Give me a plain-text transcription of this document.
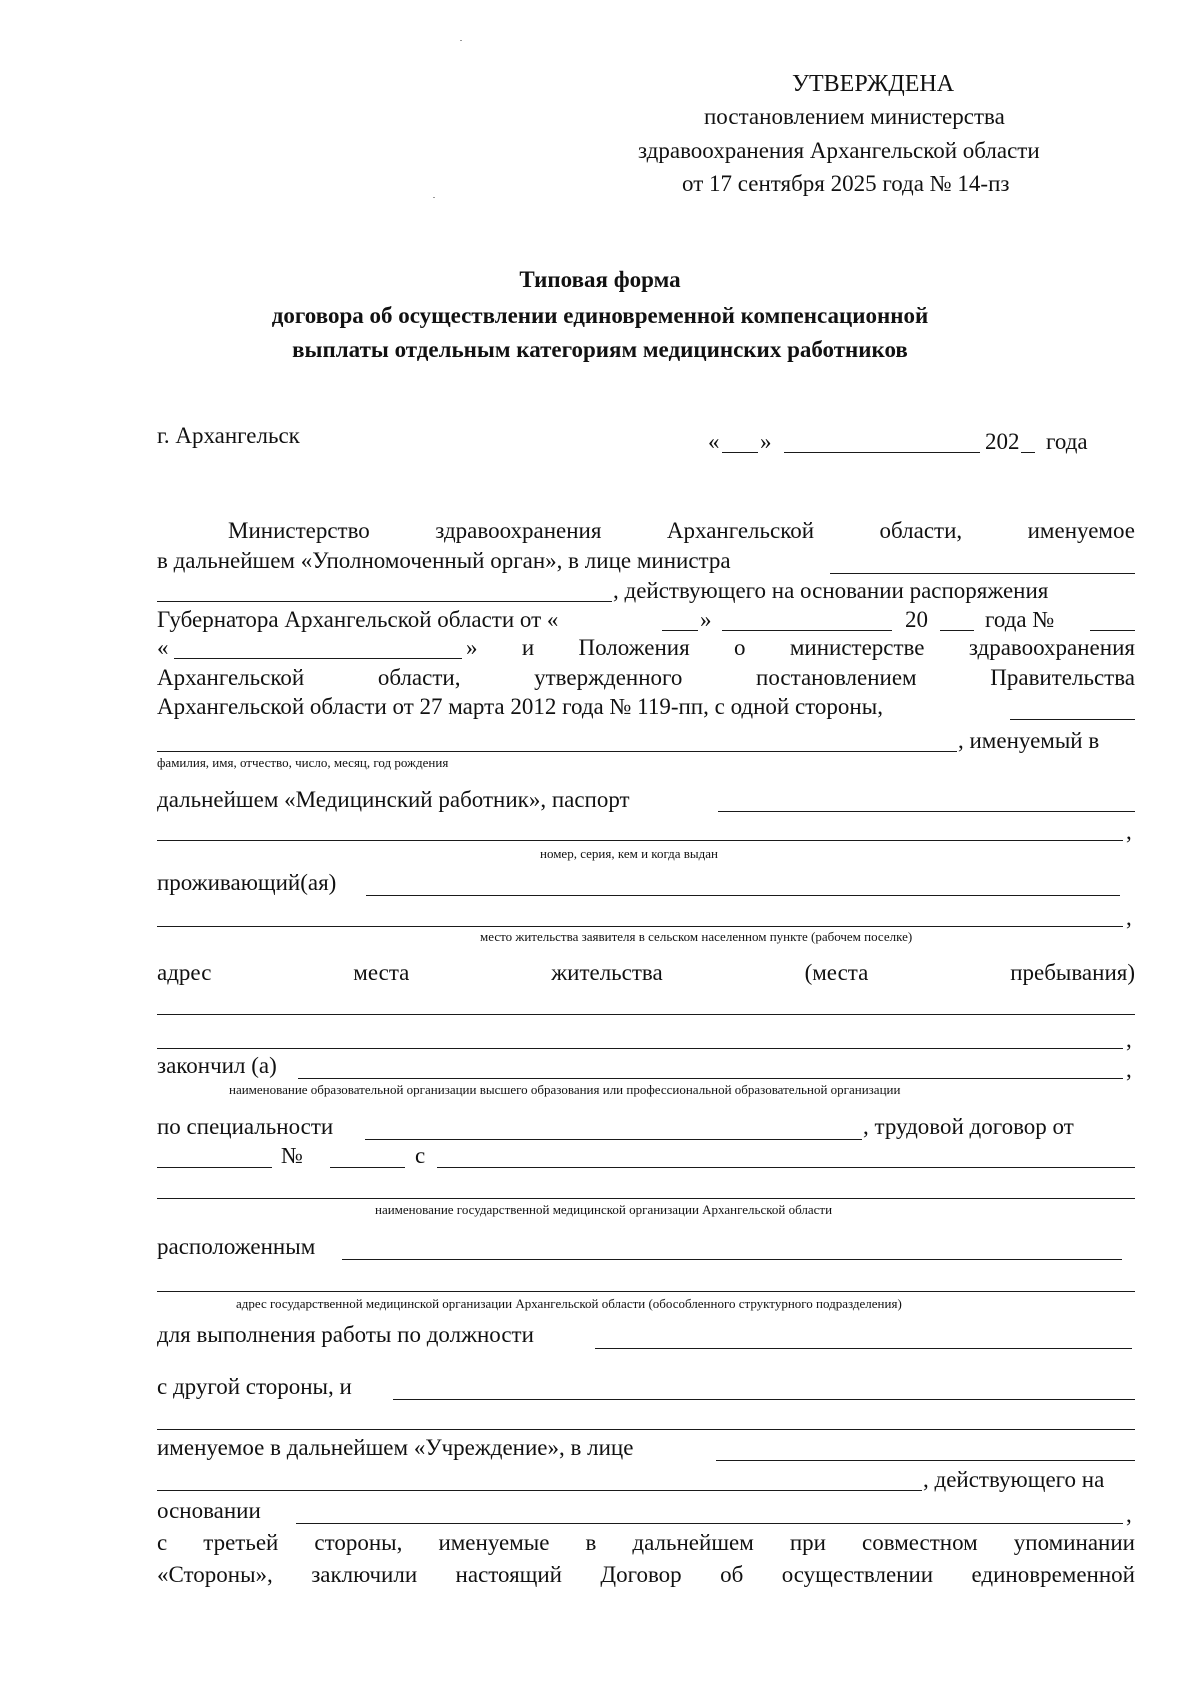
УТВЕРЖДЕНА
постановлением министерства
здравоохранения Архангельской области
от 17 сентября 2025 года № 14-пз
Типовая форма
договора об осуществлении единовременной компенсационной
выплаты отдельным категориям медицинских работников
г. Архангельск	« »	202 года
Министерство	здравоохранения	Архангельской	области,	именуемое
в дальнейшем «Уполномоченный орган», в лице министра
, действующего на основании распоряжения
Губернатора Архангельской области от «	»	20 года №
«	» и Положения о министерстве здравоохранения
Архангельской	области,	утвержденного	постановлением	Правительства
Архангельской области от 27 марта 2012 года № 119-пп, с одной стороны,
, именуемый в
фамилия, имя, отчество, число, месяц, год рождения
дальнейшем «Медицинский работник», паспорт
,
номер, серия, кем и когда выдан
проживающий(ая)
,
место жительства заявителя в сельском населенном пункте (рабочем поселке)
адрес	места	жительства	(места	пребывания)
,
закончил (а)	,
наименование образовательной организации высшего образования или профессиональной образовательной организации
по специальности	, трудовой договор от
№	с
наименование государственной медицинской организации Архангельской области
расположенным
адрес государственной медицинской организации Архангельской области (обособленного структурного подразделения)
для выполнения работы по должности
с другой стороны, и
именуемое в дальнейшем «Учреждение», в лице
, действующего на
основании	,
с третьей стороны, именуемые в дальнейшем при совместном упоминании
«Стороны», заключили настоящий Договор об осуществлении единовременной
